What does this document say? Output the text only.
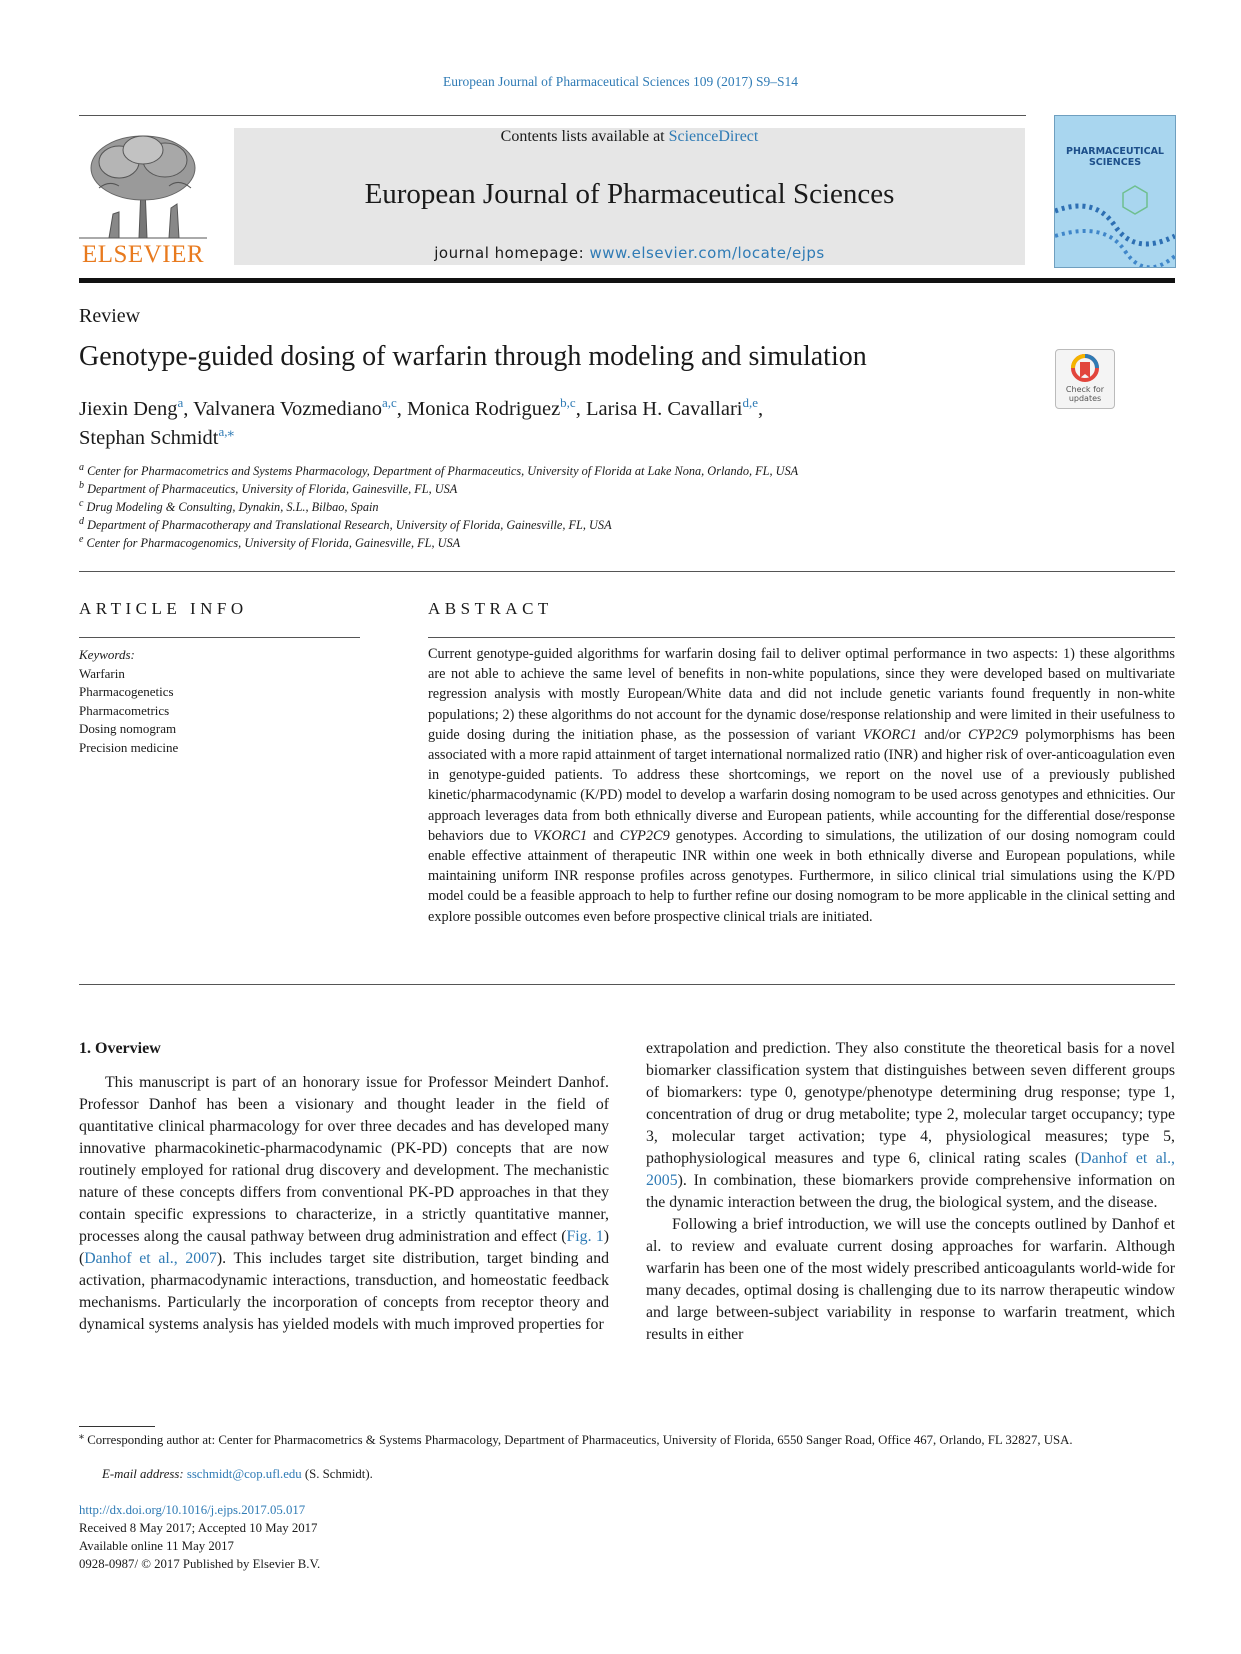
European Journal of Pharmaceutical Sciences 109 (2017) S9–S14
ELSEVIER
Contents lists available at ScienceDirect
European Journal of Pharmaceutical Sciences
journal homepage: www.elsevier.com/locate/ejps
PHARMACEUTICAL SCIENCES
Review
Genotype-guided dosing of warfarin through modeling and simulation
Check for updates
Jiexin Deng$^a$, Valvanera Vozmediano$^{a,c}$, Monica Rodriguez$^{b,c}$, Larisa H. Cavallari$^{d,e}$,
Stephan Schmidt$^{a,⁎}$
$^a$ Center for Pharmacometrics and Systems Pharmacology, Department of Pharmaceutics, University of Florida at Lake Nona, Orlando, FL, USA
$^b$ Department of Pharmaceutics, University of Florida, Gainesville, FL, USA
$^c$ Drug Modeling & Consulting, Dynakin, S.L., Bilbao, Spain
$^d$ Department of Pharmacotherapy and Translational Research, University of Florida, Gainesville, FL, USA
$^e$ Center for Pharmacogenomics, University of Florida, Gainesville, FL, USA
ARTICLE INFO
Keywords:
Warfarin
Pharmacogenetics
Pharmacometrics
Dosing nomogram
Precision medicine
ABSTRACT
Current genotype-guided algorithms for warfarin dosing fail to deliver optimal performance in two aspects: 1) these algorithms are not able to achieve the same level of benefits in non-white populations, since they were developed based on multivariate regression analysis with mostly European/White data and did not include genetic variants found frequently in non-white populations; 2) these algorithms do not account for the dynamic dose/response relationship and were limited in their usefulness to guide dosing during the initiation phase, as the possession of variant VKORC1 and/or CYP2C9 polymorphisms has been associated with a more rapid attainment of target international normalized ratio (INR) and higher risk of over-anticoagulation even in genotype-guided patients. To address these shortcomings, we report on the novel use of a previously published kinetic/pharmacodynamic (K/PD) model to develop a warfarin dosing nomogram to be used across genotypes and ethnicities. Our approach leverages data from both ethnically diverse and European patients, while accounting for the differential dose/response behaviors due to VKORC1 and CYP2C9 genotypes. According to simulations, the utilization of our dosing nomogram could enable effective attainment of therapeutic INR within one week in both ethnically diverse and European populations, while maintaining uniform INR response profiles across genotypes. Furthermore, in silico clinical trial simulations using the K/PD model could be a feasible approach to help to further refine our dosing nomogram to be more applicable in the clinical setting and explore possible outcomes even before prospective clinical trials are initiated.

1. Overview

This manuscript is part of an honorary issue for Professor Meindert Danhof. Professor Danhof has been a visionary and thought leader in the field of quantitative clinical pharmacology for over three decades and has developed many innovative pharmacokinetic-pharmacodynamic (PK-PD) concepts that are now routinely employed for rational drug discovery and development. The mechanistic nature of these concepts differs from conventional PK-PD approaches in that they contain specific expressions to characterize, in a strictly quantitative manner, processes along the causal pathway between drug administration and effect (Fig. 1) (Danhof et al., 2007). This includes target site distribution, target binding and activation, pharmacodynamic interactions, transduction, and homeostatic feedback mechanisms. Particularly the incorporation of concepts from receptor theory and dynamical systems analysis has yielded models with much improved properties for

extrapolation and prediction. They also constitute the theoretical basis for a novel biomarker classification system that distinguishes between seven different groups of biomarkers: type 0, genotype/phenotype determining drug response; type 1, concentration of drug or drug metabolite; type 2, molecular target occupancy; type 3, molecular target activation; type 4, physiological measures; type 5, pathophysiological measures and type 6, clinical rating scales (Danhof et al., 2005). In combination, these biomarkers provide comprehensive information on the dynamic interaction between the drug, the biological system, and the disease.

Following a brief introduction, we will use the concepts outlined by Danhof et al. to review and evaluate current dosing approaches for warfarin. Although warfarin has been one of the most widely prescribed anticoagulants world-wide for many decades, optimal dosing is challenging due to its narrow therapeutic window and large between-subject variability in response to warfarin treatment, which results in either

⁎ Corresponding author at: Center for Pharmacometrics & Systems Pharmacology, Department of Pharmaceutics, University of Florida, 6550 Sanger Road, Office 467, Orlando, FL 32827, USA.
E-mail address: sschmidt@cop.ufl.edu (S. Schmidt).
http://dx.doi.org/10.1016/j.ejps.2017.05.017
Received 8 May 2017; Accepted 10 May 2017
Available online 11 May 2017
0928-0987/ © 2017 Published by Elsevier B.V.
